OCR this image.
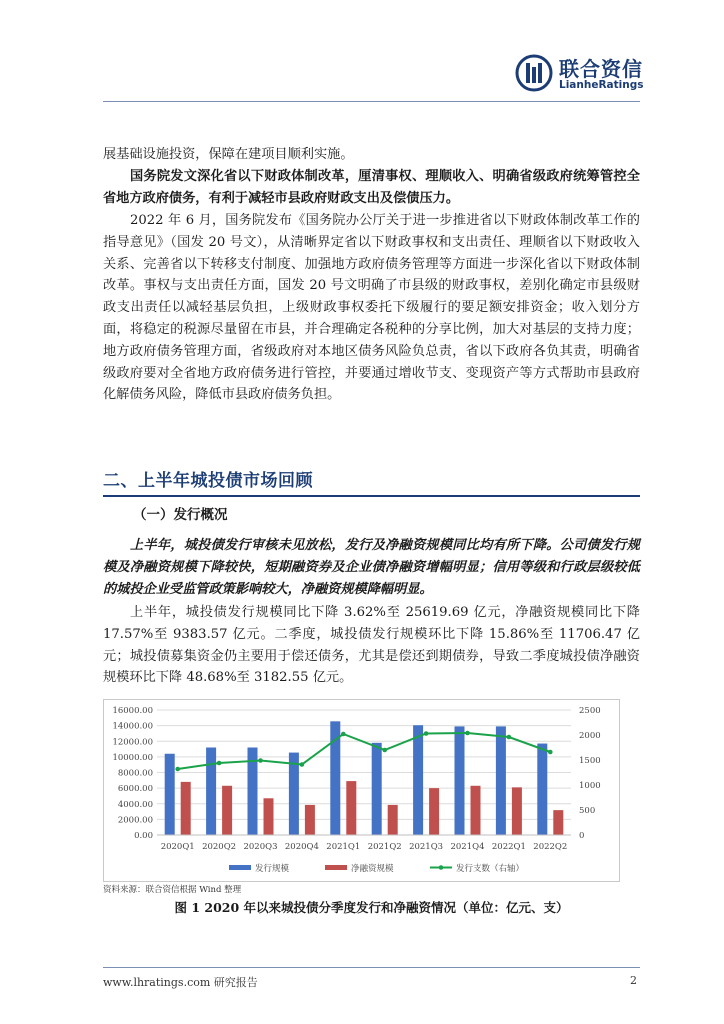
联合资信
LianheRatings
展基础设施投资，保障在建项目顺利实施。
国务院发文深化省以下财政体制改革，厘清事权、理顺收入、明确省级政府统筹管控全省地方政府债务，有利于减轻市县政府财政支出及偿债压力。
2022 年 6 月，国务院发布《国务院办公厅关于进一步推进省以下财政体制改革工作的指导意见》（国发 20 号文），从清晰界定省以下财政事权和支出责任、理顺省以下财政收入关系、完善省以下转移支付制度、加强地方政府债务管理等方面进一步深化省以下财政体制改革。事权与支出责任方面，国发 20 号文明确了市县级的财政事权，差别化确定市县级财政支出责任以减轻基层负担，上级财政事权委托下级履行的要足额安排资金；收入划分方面，将稳定的税源尽量留在市县，并合理确定各税种的分享比例，加大对基层的支持力度；地方政府债务管理方面，省级政府对本地区债务风险负总责，省以下政府各负其责，明确省级政府要对全省地方政府债务进行管控，并要通过增收节支、变现资产等方式帮助市县政府化解债务风险，降低市县政府债务负担。
二、上半年城投债市场回顾
（一）发行概况
上半年，城投债发行审核未见放松，发行及净融资规模同比均有所下降。公司债发行规模及净融资规模下降较快，短期融资券及企业债净融资增幅明显；信用等级和行政层级较低的城投企业受监管政策影响较大，净融资规模降幅明显。
上半年，城投债发行规模同比下降 3.62%至 25619.69 亿元，净融资规模同比下降 17.57%至 9383.57 亿元。二季度，城投债发行规模环比下降 15.86%至 11706.47 亿元；城投债募集资金仍主要用于偿还债务，尤其是偿还到期债券，导致二季度城投债净融资规模环比下降 48.68%至 3182.55 亿元。
0.00
2000.00
4000.00
6000.00
8000.00
10000.00
12000.00
14000.00
16000.00
0
500
1000
1500
2000
2500
2020Q1 2020Q2 2020Q3 2020Q4 2021Q1 2021Q2 2021Q3 2021Q4 2022Q1 2022Q2
发行规模	净融资规模	发行支数（右轴）
资料来源：联合资信根据 Wind 整理
图 1 2020 年以来城投债分季度发行和净融资情况（单位：亿元、支）
www.lhratings.com 研究报告	2
